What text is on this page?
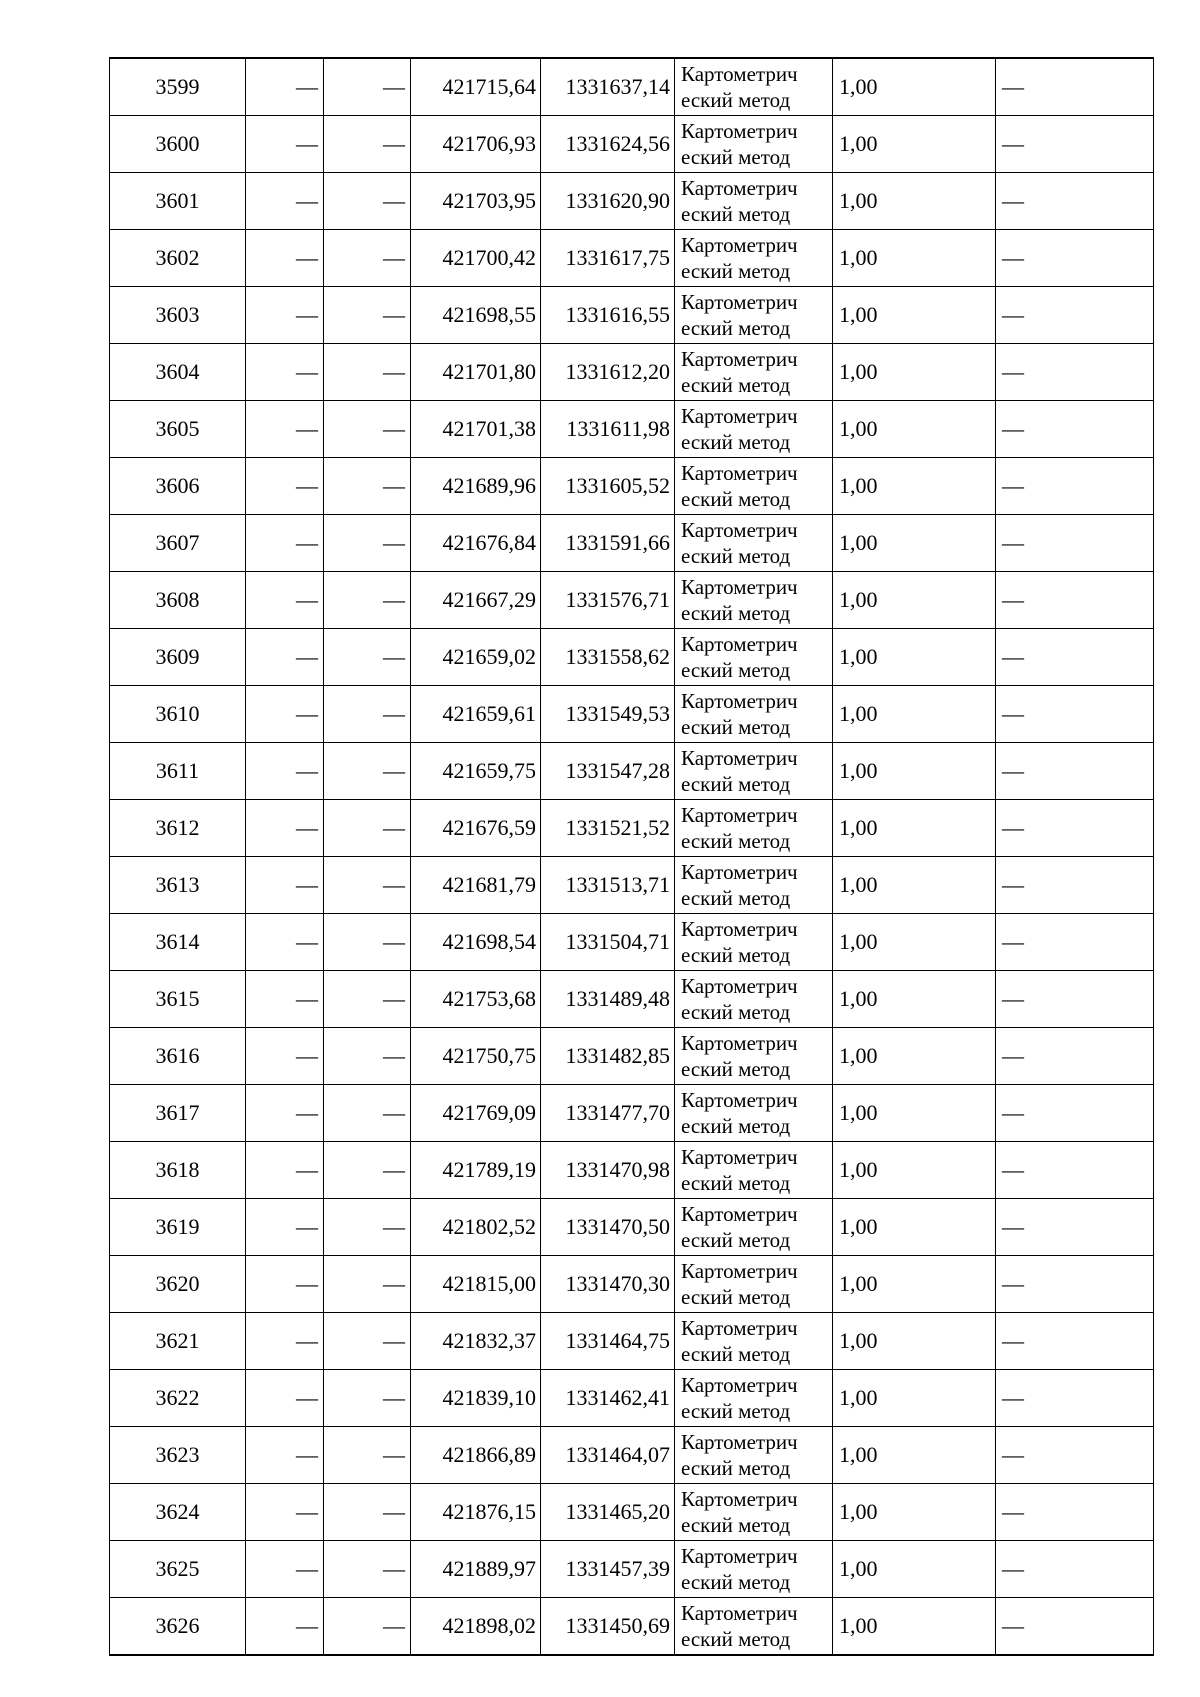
3599	—	—	421715,64	1331637,14	Картометрич
еский метод	1,00	—
3600	—	—	421706,93	1331624,56	Картометрич
еский метод	1,00	—
3601	—	—	421703,95	1331620,90	Картометрич
еский метод	1,00	—
3602	—	—	421700,42	1331617,75	Картометрич
еский метод	1,00	—
3603	—	—	421698,55	1331616,55	Картометрич
еский метод	1,00	—
3604	—	—	421701,80	1331612,20	Картометрич
еский метод	1,00	—
3605	—	—	421701,38	1331611,98	Картометрич
еский метод	1,00	—
3606	—	—	421689,96	1331605,52	Картометрич
еский метод	1,00	—
3607	—	—	421676,84	1331591,66	Картометрич
еский метод	1,00	—
3608	—	—	421667,29	1331576,71	Картометрич
еский метод	1,00	—
3609	—	—	421659,02	1331558,62	Картометрич
еский метод	1,00	—
3610	—	—	421659,61	1331549,53	Картометрич
еский метод	1,00	—
3611	—	—	421659,75	1331547,28	Картометрич
еский метод	1,00	—
3612	—	—	421676,59	1331521,52	Картометрич
еский метод	1,00	—
3613	—	—	421681,79	1331513,71	Картометрич
еский метод	1,00	—
3614	—	—	421698,54	1331504,71	Картометрич
еский метод	1,00	—
3615	—	—	421753,68	1331489,48	Картометрич
еский метод	1,00	—
3616	—	—	421750,75	1331482,85	Картометрич
еский метод	1,00	—
3617	—	—	421769,09	1331477,70	Картометрич
еский метод	1,00	—
3618	—	—	421789,19	1331470,98	Картометрич
еский метод	1,00	—
3619	—	—	421802,52	1331470,50	Картометрич
еский метод	1,00	—
3620	—	—	421815,00	1331470,30	Картометрич
еский метод	1,00	—
3621	—	—	421832,37	1331464,75	Картометрич
еский метод	1,00	—
3622	—	—	421839,10	1331462,41	Картометрич
еский метод	1,00	—
3623	—	—	421866,89	1331464,07	Картометрич
еский метод	1,00	—
3624	—	—	421876,15	1331465,20	Картометрич
еский метод	1,00	—
3625	—	—	421889,97	1331457,39	Картометрич
еский метод	1,00	—
3626	—	—	421898,02	1331450,69	Картометрич
еский метод	1,00	—
